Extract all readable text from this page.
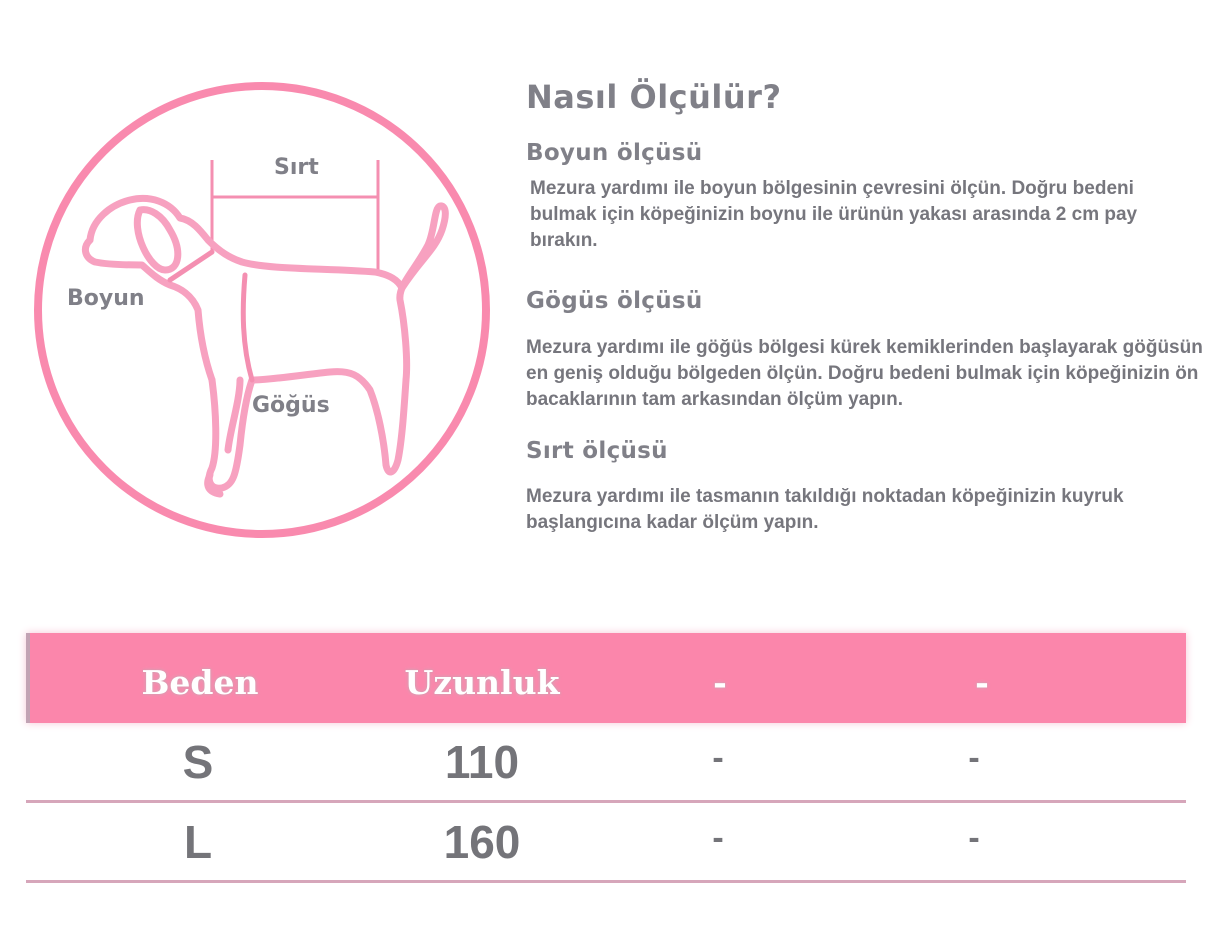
Sırt
Boyun
Göğüs
Nasıl Ölçülür?
Boyun ölçüsü

Mezura yardımı ile boyun bölgesinin çevresini ölçün. Doğru bedeni bulmak için köpeğinizin boynu ile ürünün yakası arasında 2 cm pay bırakın.

Gögüs ölçüsü

Mezura yardımı ile göğüs bölgesi kürek kemiklerinden başlayarak göğüsün en geniş olduğu bölgeden ölçün. Doğru bedeni bulmak için köpeğinizin ön bacaklarının tam arkasından ölçüm yapın.

Sırt ölçüsü

Mezura yardımı ile tasmanın takıldığı noktadan köpeğinizin kuyruk başlangıcına kadar ölçüm yapın.

Beden	Uzunluk	-	-
S	110	-	-
L	160	-	-
